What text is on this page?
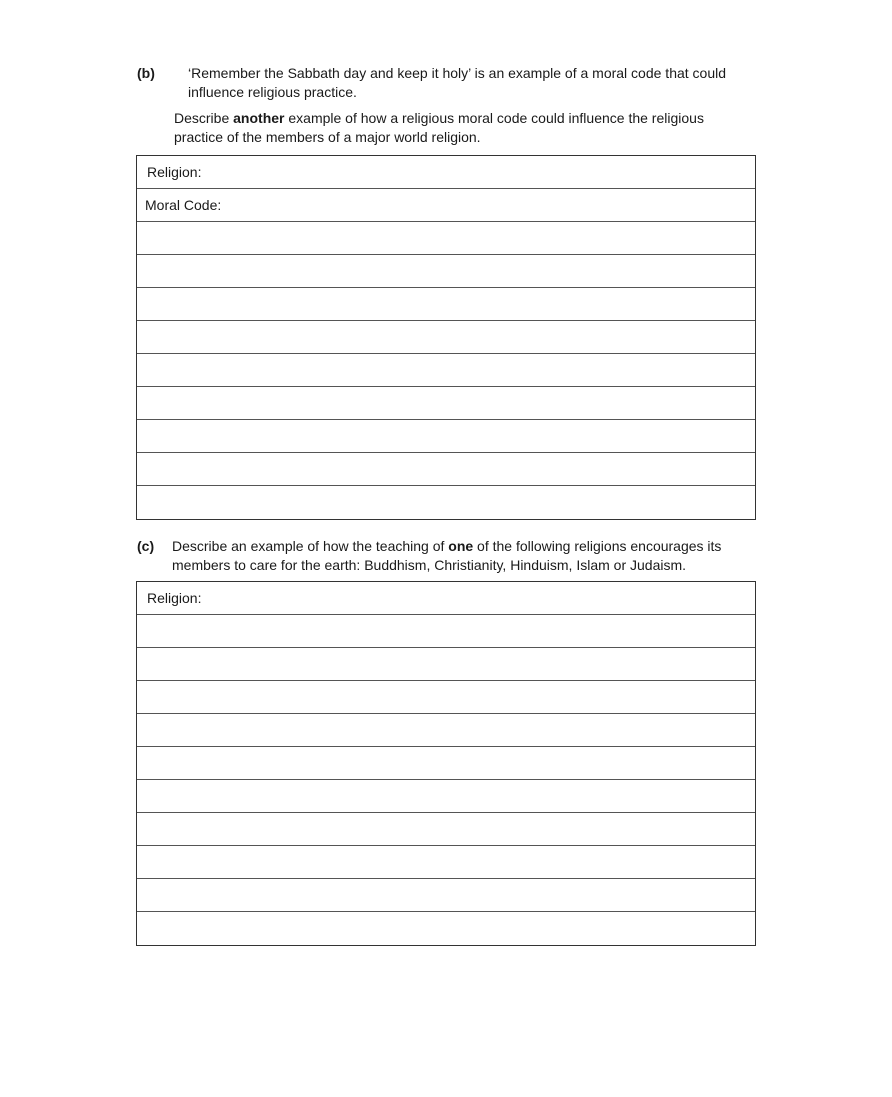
(b) ‘Remember the Sabbath day and keep it holy’ is an example of a moral code that could
influence religious practice.
Describe another example of how a religious moral code could influence the religious
practice of the members of a major world religion.
Religion:
Moral Code:
(c) Describe an example of how the teaching of one of the following religions encourages its
members to care for the earth: Buddhism, Christianity, Hinduism, Islam or Judaism.
Religion:
